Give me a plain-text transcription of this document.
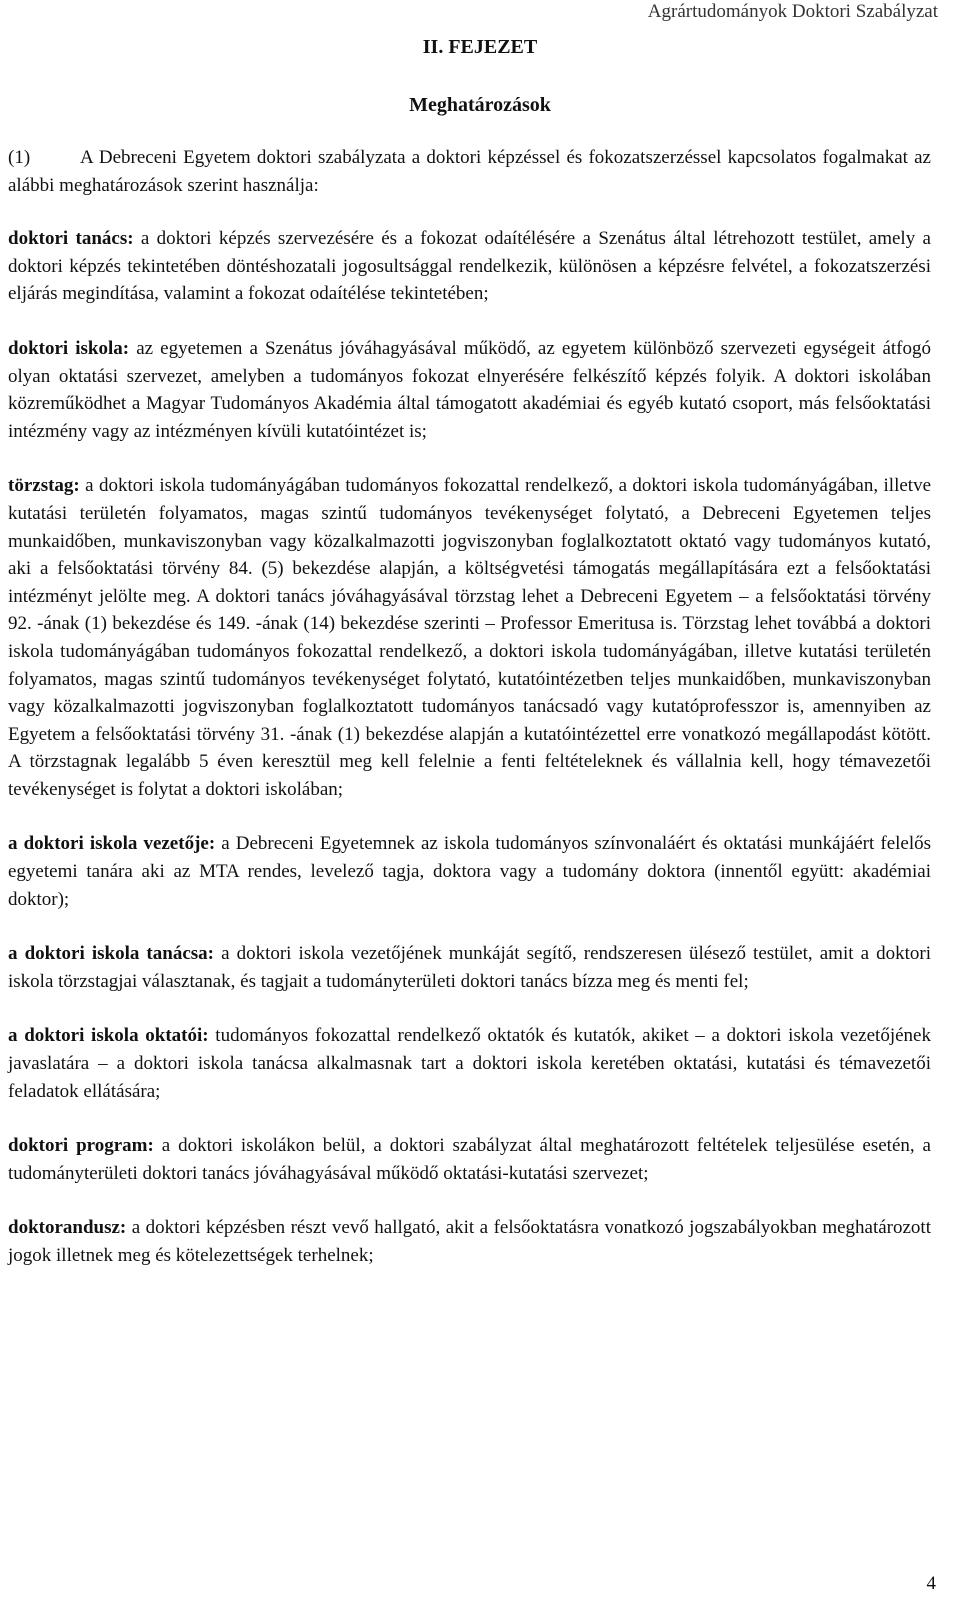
Agrártudományok Doktori Szabályzat
II. FEJEZET
Meghatározások

(1)	A Debreceni Egyetem doktori szabályzata a doktori képzéssel és fokozatszerzéssel kapcsolatos fogalmakat az alábbi meghatározások szerint használja:

doktori tanács: a doktori képzés szervezésére és a fokozat odaítélésére a Szenátus által létrehozott testület, amely a doktori képzés tekintetében döntéshozatali jogosultsággal rendelkezik, különösen a képzésre felvétel, a fokozatszerzési eljárás megindítása, valamint a fokozat odaítélése tekintetében;

doktori iskola: az egyetemen a Szenátus jóváhagyásával működő, az egyetem különböző szervezeti egységeit átfogó olyan oktatási szervezet, amelyben a tudományos fokozat elnyerésére felkészítő képzés folyik. A doktori iskolában közreműködhet a Magyar Tudományos Akadémia által támogatott akadémiai és egyéb kutató csoport, más felsőoktatási intézmény vagy az intézményen kívüli kutatóintézet is;

törzstag: a doktori iskola tudományágában tudományos fokozattal rendelkező, a doktori iskola tudományágában, illetve kutatási területén folyamatos, magas szintű tudományos tevékenységet folytató, a Debreceni Egyetemen teljes munkaidőben, munkaviszonyban vagy közalkalmazotti jogviszonyban foglalkoztatott oktató vagy tudományos kutató, aki a felsőoktatási törvény 84. (5) bekezdése alapján, a költségvetési támogatás megállapítására ezt a felsőoktatási intézményt jelölte meg. A doktori tanács jóváhagyásával törzstag lehet a Debreceni Egyetem – a felsőoktatási törvény 92. -ának (1) bekezdése és 149. -ának (14) bekezdése szerinti – Professor Emeritusa is. Törzstag lehet továbbá a doktori iskola tudományágában tudományos fokozattal rendelkező, a doktori iskola tudományágában, illetve kutatási területén folyamatos, magas szintű tudományos tevékenységet folytató, kutatóintézetben teljes munkaidőben, munkaviszonyban vagy közalkalmazotti jogviszonyban foglalkoztatott tudományos tanácsadó vagy kutatóprofesszor is, amennyiben az Egyetem a felsőoktatási törvény 31. -ának (1) bekezdése alapján a kutatóintézettel erre vonatkozó megállapodást kötött. A törzstagnak legalább 5 éven keresztül meg kell felelnie a fenti feltételeknek és vállalnia kell, hogy témavezetői tevékenységet is folytat a doktori iskolában;

a doktori iskola vezetője: a Debreceni Egyetemnek az iskola tudományos színvonaláért és oktatási munkájáért felelős egyetemi tanára aki az MTA rendes, levelező tagja, doktora vagy a tudomány doktora (innentől együtt: akadémiai doktor);

a doktori iskola tanácsa: a doktori iskola vezetőjének munkáját segítő, rendszeresen ülésező testület, amit a doktori iskola törzstagjai választanak, és tagjait a tudományterületi doktori tanács bízza meg és menti fel;

a doktori iskola oktatói: tudományos fokozattal rendelkező oktatók és kutatók, akiket – a doktori iskola vezetőjének javaslatára – a doktori iskola tanácsa alkalmasnak tart a doktori iskola keretében oktatási, kutatási és témavezetői feladatok ellátására;

doktori program: a doktori iskolákon belül, a doktori szabályzat által meghatározott feltételek teljesülése esetén, a tudományterületi doktori tanács jóváhagyásával működő oktatási-kutatási szervezet;

doktorandusz: a doktori képzésben részt vevő hallgató, akit a felsőoktatásra vonatkozó jogszabályokban meghatározott jogok illetnek meg és kötelezettségek terhelnek;

4
